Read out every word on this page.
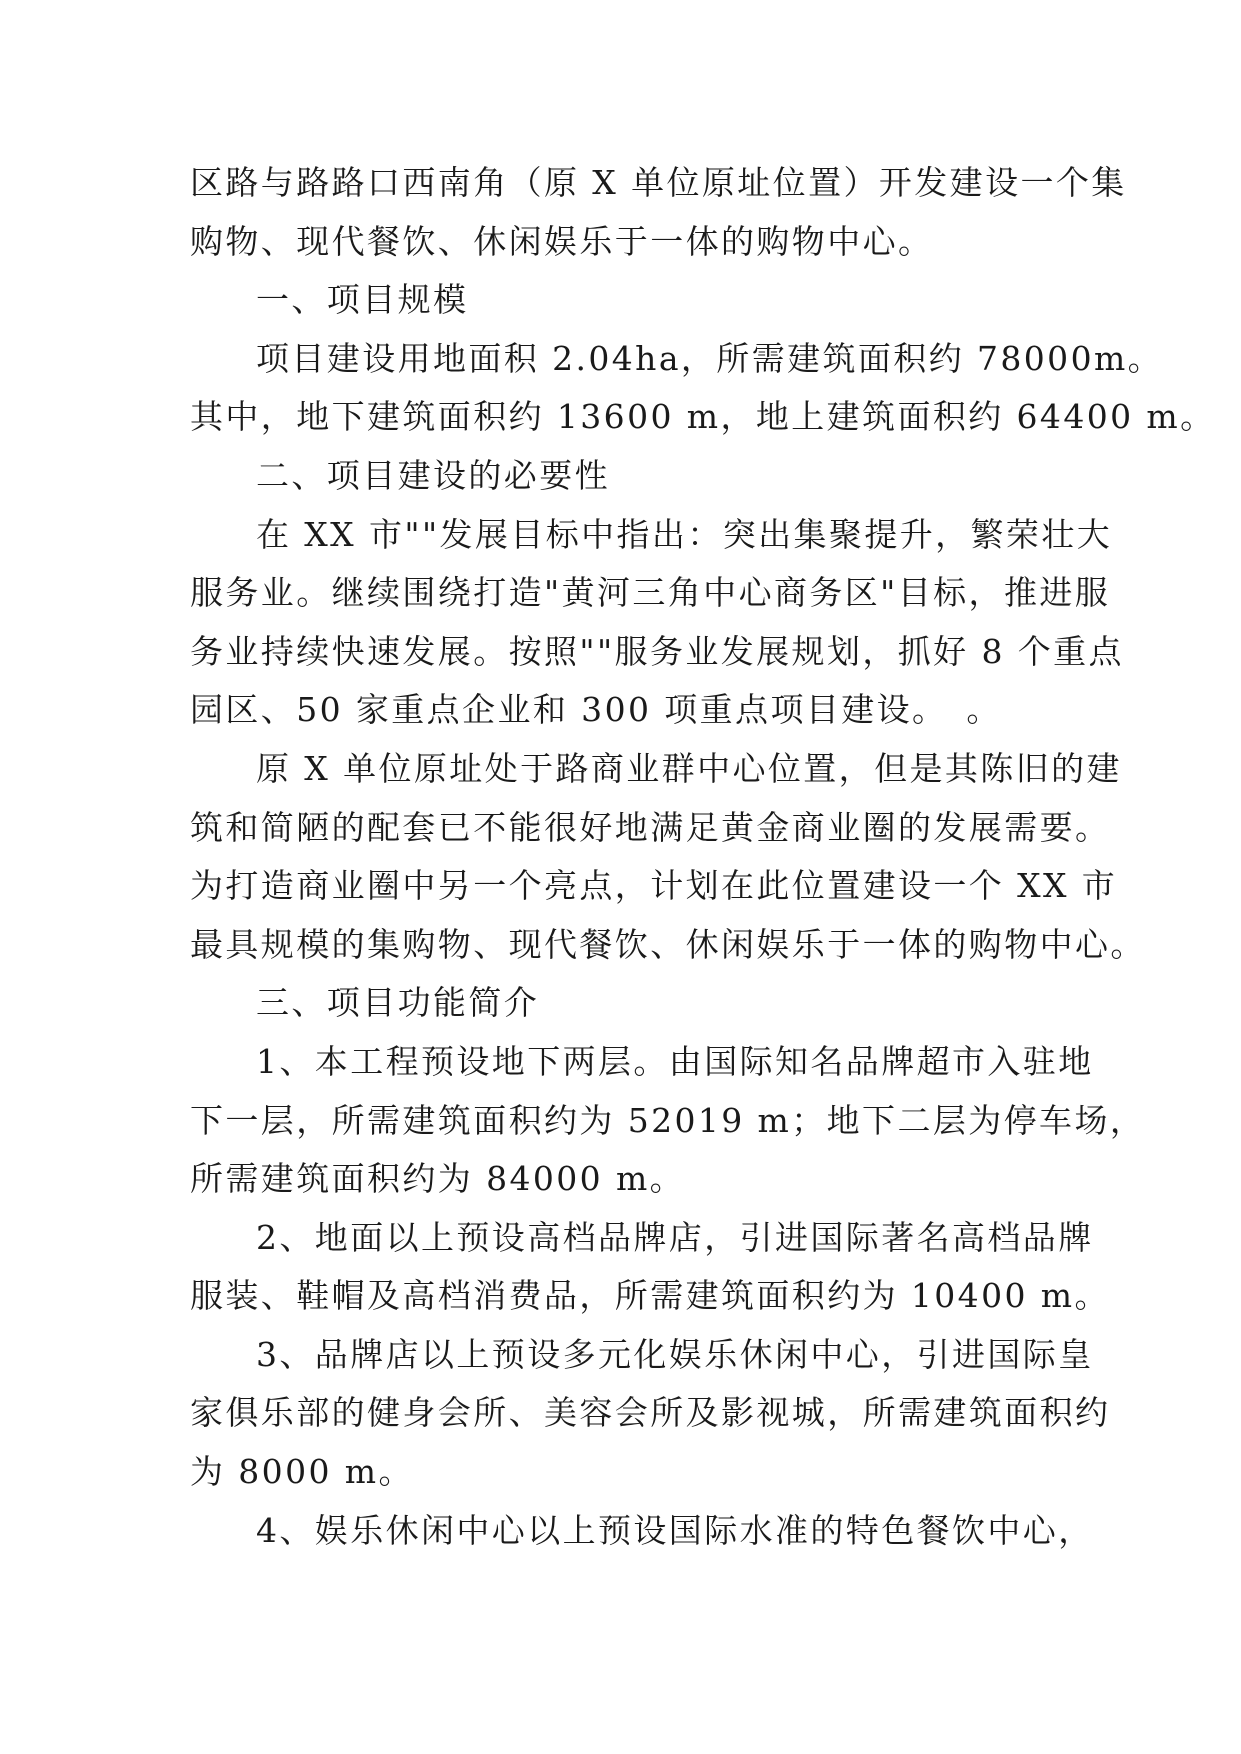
区路与路路口西南角（原 X 单位原址位置）开发建设一个集
购物、现代餐饮、休闲娱乐于一体的购物中心。
一、项目规模
项目建设用地面积 2.04ha，所需建筑面积约 78000m。
其中，地下建筑面积约 13600 m，地上建筑面积约 64400 m。
二、项目建设的必要性
在 XX 市""发展目标中指出：突出集聚提升，繁荣壮大
服务业。继续围绕打造"黄河三角中心商务区"目标，推进服
务业持续快速发展。按照""服务业发展规划，抓好 8 个重点
园区、50 家重点企业和 300 项重点项目建设。　。
原 X 单位原址处于路商业群中心位置，但是其陈旧的建
筑和简陋的配套已不能很好地满足黄金商业圈的发展需要。
为打造商业圈中另一个亮点，计划在此位置建设一个 XX 市
最具规模的集购物、现代餐饮、休闲娱乐于一体的购物中心。
三、项目功能简介
1、本工程预设地下两层。由国际知名品牌超市入驻地
下一层，所需建筑面积约为 52019 m；地下二层为停车场，
所需建筑面积约为 84000 m。
2、地面以上预设高档品牌店，引进国际著名高档品牌
服装、鞋帽及高档消费品，所需建筑面积约为 10400 m。
3、品牌店以上预设多元化娱乐休闲中心，引进国际皇
家俱乐部的健身会所、美容会所及影视城，所需建筑面积约
为 8000 m。
4、娱乐休闲中心以上预设国际水准的特色餐饮中心，
